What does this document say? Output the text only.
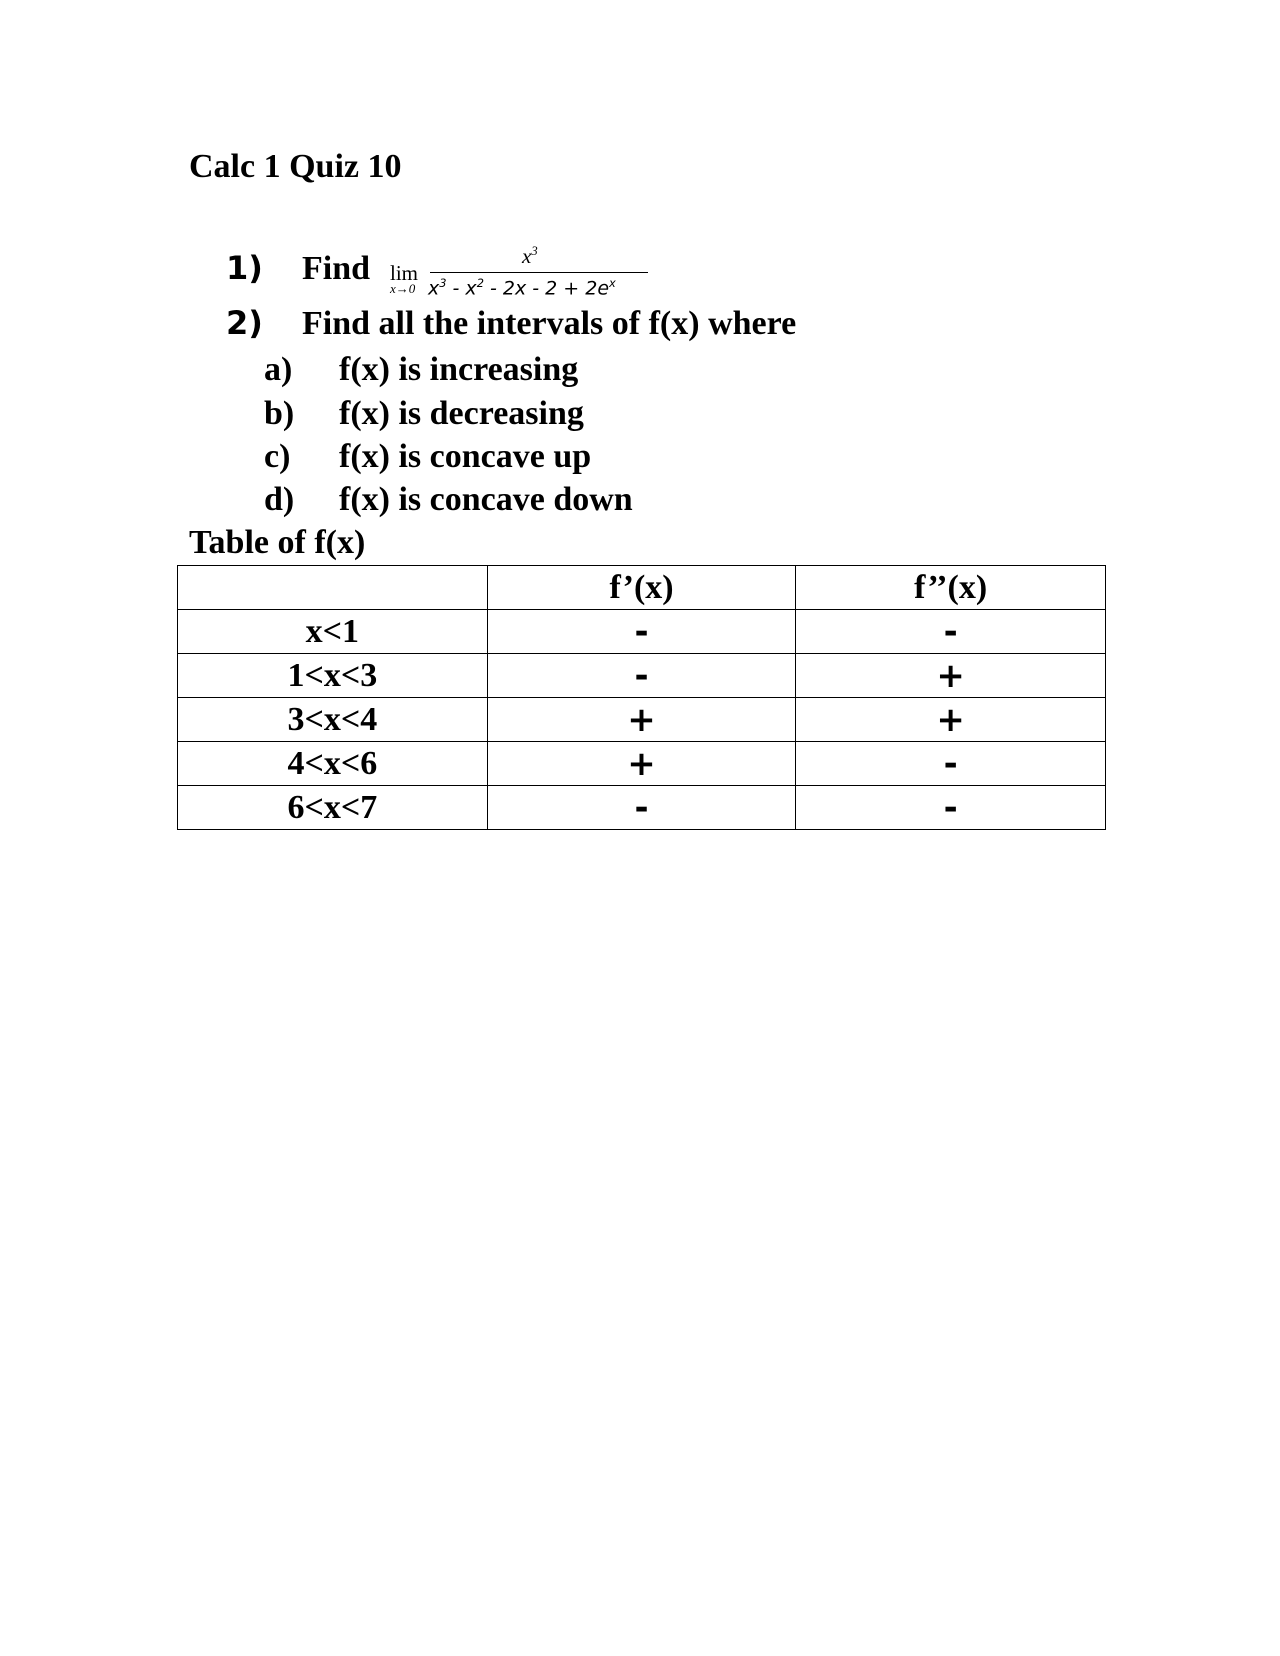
Calc 1 Quiz 10
1) Find lim
x→0
$x^3$
$x^3 - x^2 - 2x - 2 + 2e^x$
2) Find all the intervals of f(x) where
a) f(x) is increasing
b) f(x) is decreasing
c) f(x) is concave up
d) f(x) is concave down
Table of f(x)
	f’(x)	f’’(x)
x<1	-	-
1<x<3	-	+
3<x<4	+	+
4<x<6	+	-
6<x<7	-	-
